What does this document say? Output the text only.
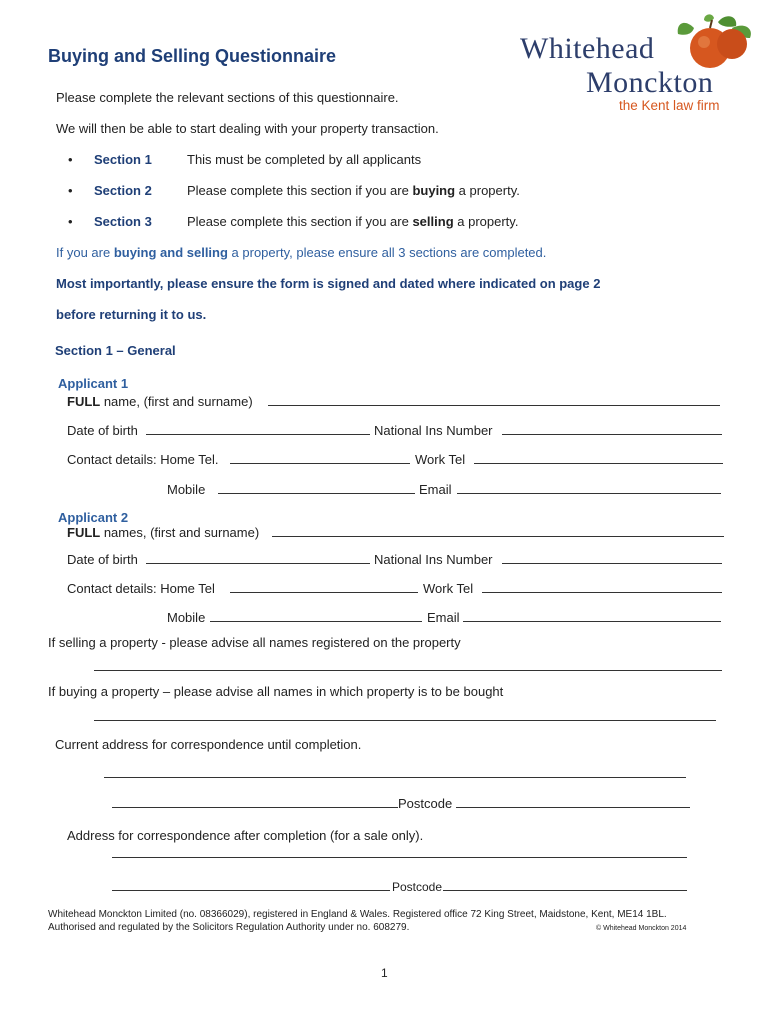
Buying and Selling Questionnaire	Whitehead
Monckton
the Kent law firm
Please complete the relevant sections of this questionnaire.
We will then be able to start dealing with your property transaction.
• Section 1	This must be completed by all applicants
• Section 2	Please complete this section if you are buying a property.
• Section 3	Please complete this section if you are selling a property.
If you are buying and selling a property, please ensure all 3 sections are completed.
Most importantly, please ensure the form is signed and dated where indicated on page 2
before returning it to us.
Section 1 – General
Applicant 1
FULL name, (first and surname)
Date of birth	National Ins Number
Contact details: Home Tel.	Work Tel
Mobile	Email
Applicant 2
FULL names, (first and surname)
Date of birth	National Ins Number
Contact details: Home Tel	Work Tel
Mobile	Email
If selling a property - please advise all names registered on the property
If buying a property – please advise all names in which property is to be bought
Current address for correspondence until completion.
Postcode
Address for correspondence after completion (for a sale only).
Postcode
Whitehead Monckton Limited (no. 08366029), registered in England & Wales. Registered office 72 King Street, Maidstone, Kent, ME14 1BL.
Authorised and regulated by the Solicitors Regulation Authority under no. 608279.	© Whitehead Monckton 2014
1
